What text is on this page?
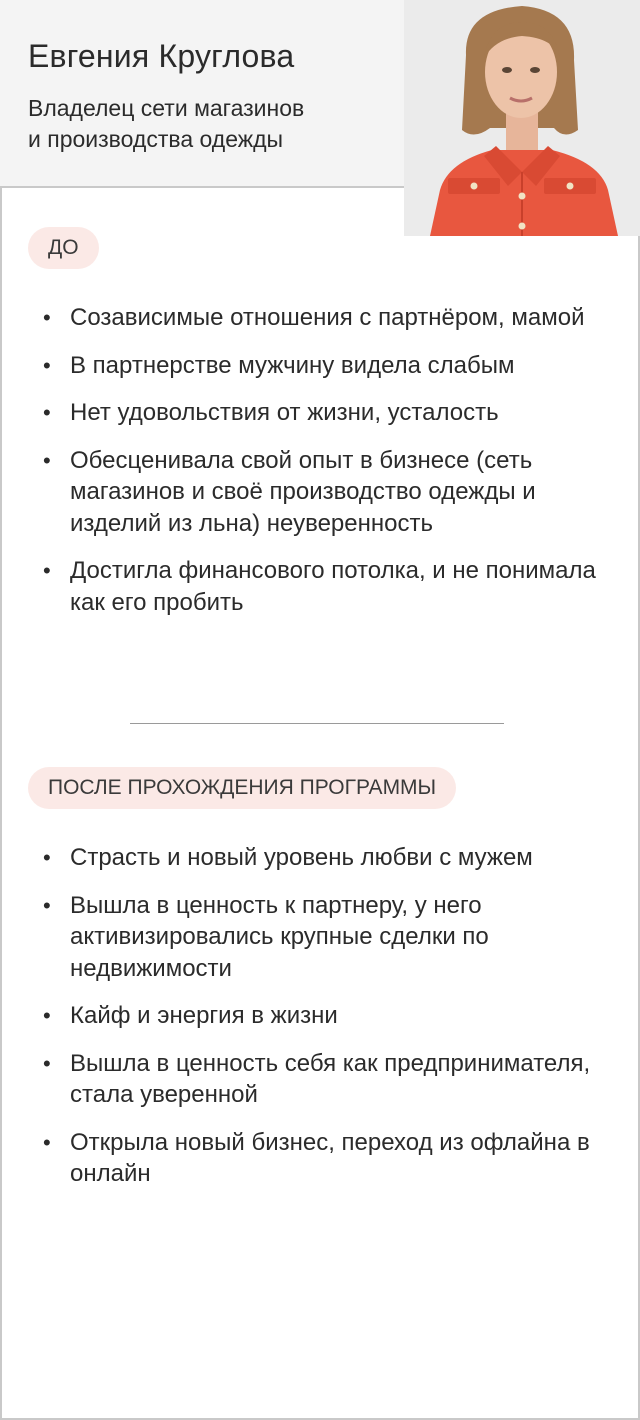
Евгения Круглова
Владелец сети магазинов
и производства одежды
ДО
• Созависимые отношения с партнёром, мамой
• В партнерстве мужчину видела слабым
• Нет удовольствия от жизни, усталость
• Обесценивала свой опыт в бизнесе (сеть магазинов и своё производство одежды и изделий из льна) неуверенность
• Достигла финансового потолка, и не понимала как его пробить
ПОСЛЕ ПРОХОЖДЕНИЯ ПРОГРАММЫ
• Страсть и новый уровень любви с мужем
• Вышла в ценность к партнеру, у него активизировались крупные сделки по недвижимости
• Кайф и энергия в жизни
• Вышла в ценность себя как предпринимателя, стала уверенной
• Открыла новый бизнес, переход из офлайна в онлайн
